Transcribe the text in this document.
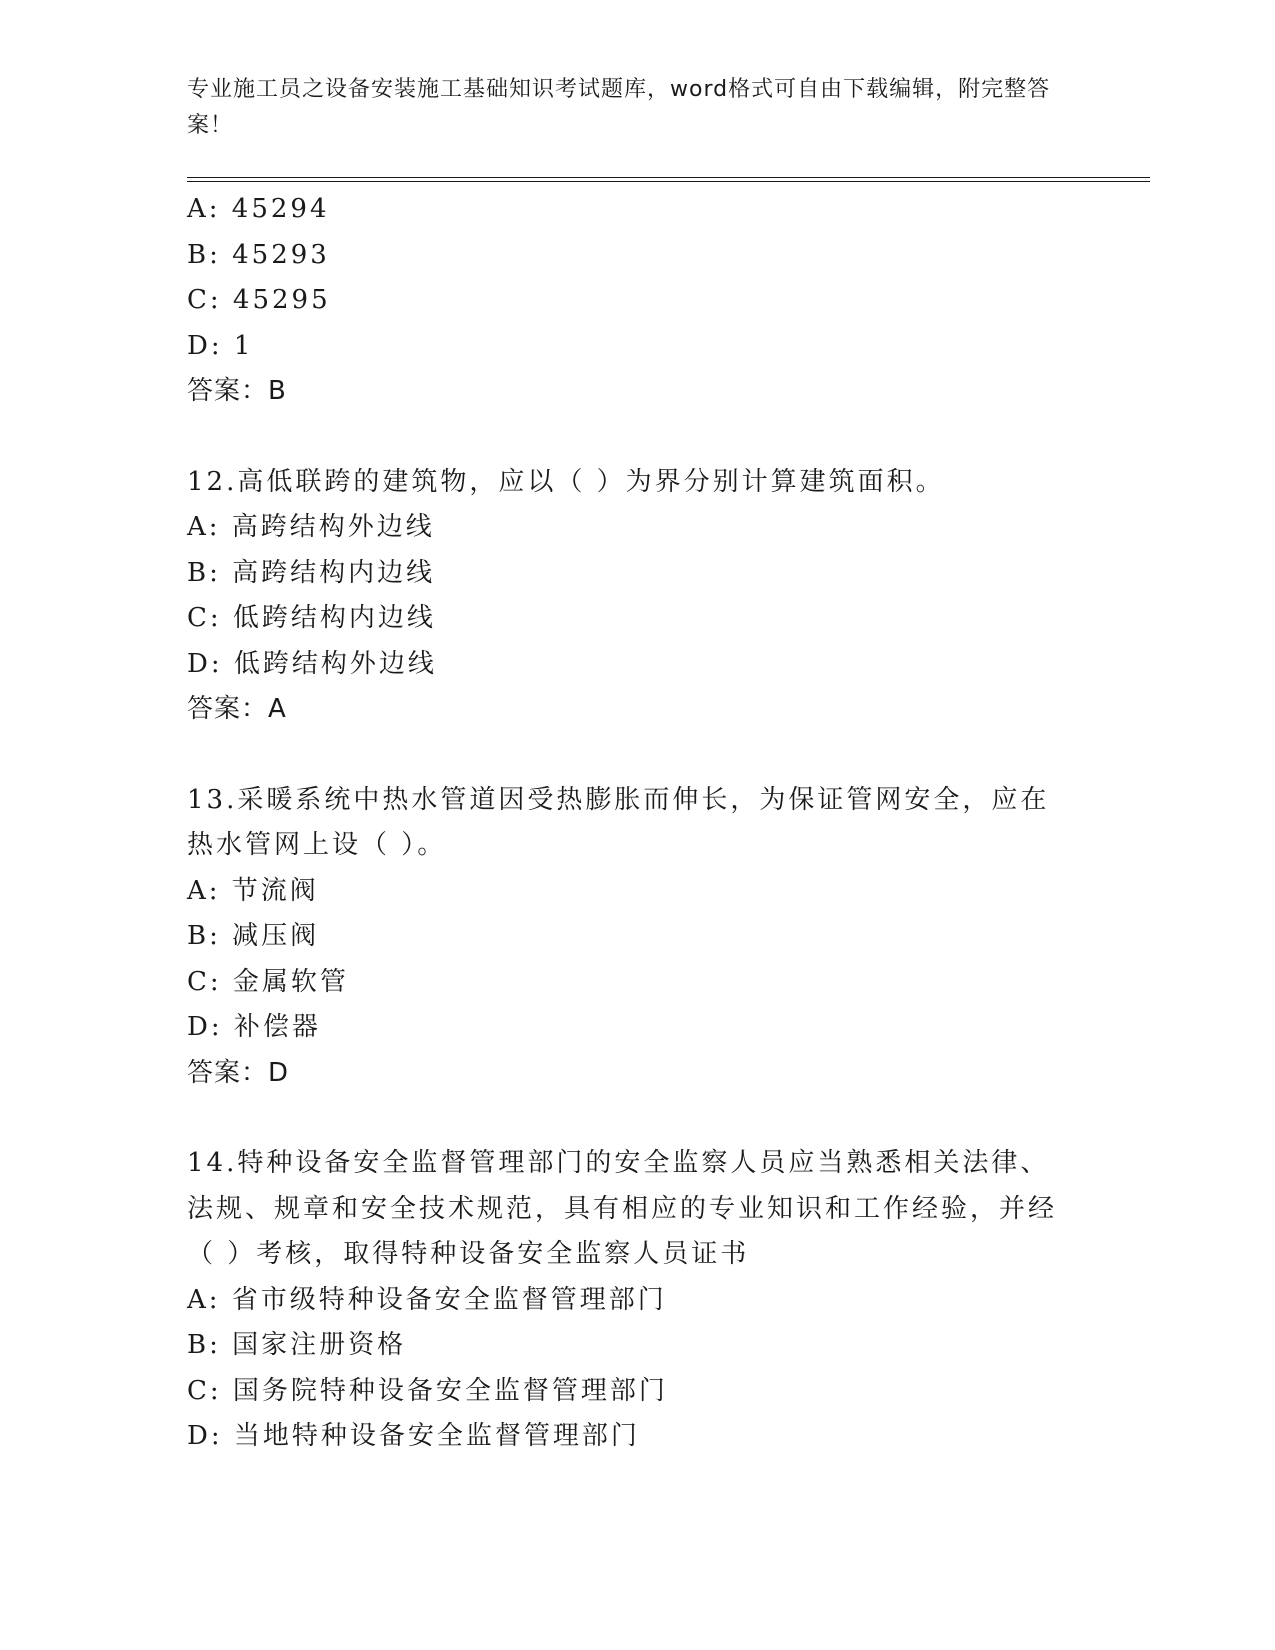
专业施工员之设备安装施工基础知识考试题库，word格式可自由下载编辑，附完整答案！
A: 45294
B: 45293
C: 45295
D: 1
答案：B
12.高低联跨的建筑物，应以（ ）为界分别计算建筑面积。
A: 高跨结构外边线
B: 高跨结构内边线
C: 低跨结构内边线
D: 低跨结构外边线
答案：A
13.采暖系统中热水管道因受热膨胀而伸长，为保证管网安全，应在热水管网上设（ ）。
A: 节流阀
B: 减压阀
C: 金属软管
D: 补偿器
答案：D
14.特种设备安全监督管理部门的安全监察人员应当熟悉相关法律、法规、规章和安全技术规范，具有相应的专业知识和工作经验，并经（ ）考核，取得特种设备安全监察人员证书
A: 省市级特种设备安全监督管理部门
B: 国家注册资格
C: 国务院特种设备安全监督管理部门
D: 当地特种设备安全监督管理部门
